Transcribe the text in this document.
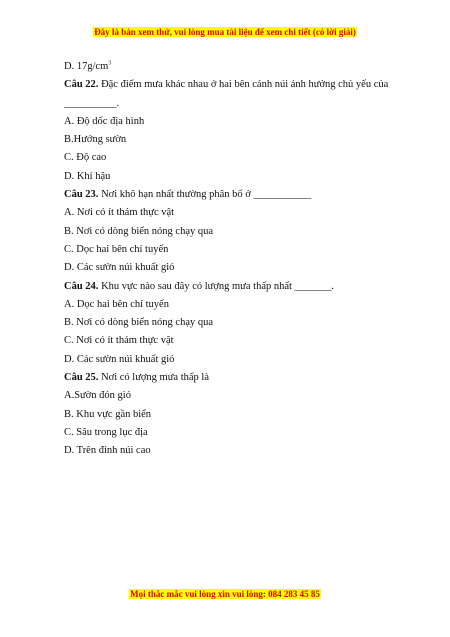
Đây là bản xem thử, vui lòng mua tài liệu để xem chi tiết (có lời giải)
D. $17g/cm^3$
Câu 22. Đặc điểm mưa khác nhau ở hai bên cánh núi ảnh hưởng chủ yếu của
__________.
A. Độ dốc địa hình
B.Hướng sườn
C. Độ cao
D. Khí hậu
Câu 23. Nơi khô hạn nhất thường phân bố ở ___________
A. Nơi có ít thảm thực vật
B. Nơi có dòng biển nóng chạy qua
C. Dọc hai bên chí tuyến
D. Các sườn núi khuất gió
Câu 24. Khu vực nào sau đây có lượng mưa thấp nhất _______.
A. Dọc hai bên chí tuyến
B. Nơi có dòng biển nóng chạy qua
C. Nơi có ít thảm thực vật
D. Các sườn núi khuất gió
Câu 25. Nơi có lượng mưa thấp là
A.Sườn đón gió
B. Khu vực gần biển
C. Sâu trong lục địa
D. Trên đỉnh núi cao
Mọi thắc mắc vui lòng xin vui lòng: 084 283 45 85
